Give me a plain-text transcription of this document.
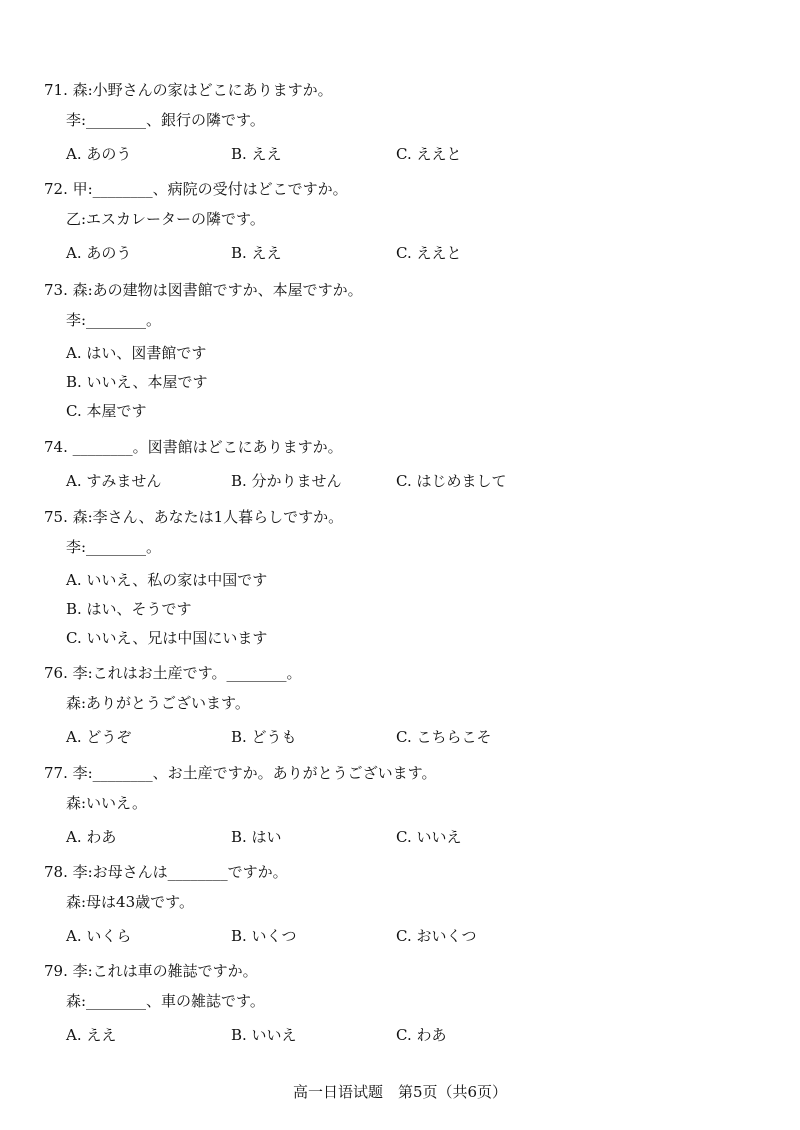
71. 森:小野さんの家はどこにありますか。
李:________、銀行の隣です。
A. あのう	B. ええ	C. ええと
72. 甲:________、病院の受付はどこですか。
乙:エスカレーターの隣です。
A. あのう	B. ええ	C. ええと
73. 森:あの建物は図書館ですか、本屋ですか。
李:________。
A. はい、図書館です
B. いいえ、本屋です
C. 本屋です
74. ________。図書館はどこにありますか。
A. すみません	B. 分かりません	C. はじめまして
75. 森:李さん、あなたは1人暮らしですか。
李:________。
A. いいえ、私の家は中国です
B. はい、そうです
C. いいえ、兄は中国にいます
76. 李:これはお土産です。________。
森:ありがとうございます。
A. どうぞ	B. どうも	C. こちらこそ
77. 李:________、お土産ですか。ありがとうございます。
森:いいえ。
A. わあ	B. はい	C. いいえ
78. 李:お母さんは________ですか。
森:母は43歳です。
A. いくら	B. いくつ	C. おいくつ
79. 李:これは車の雑誌ですか。
森:________、車の雑誌です。
A. ええ	B. いいえ	C. わあ
高一日语试题　第5页（共6页）
